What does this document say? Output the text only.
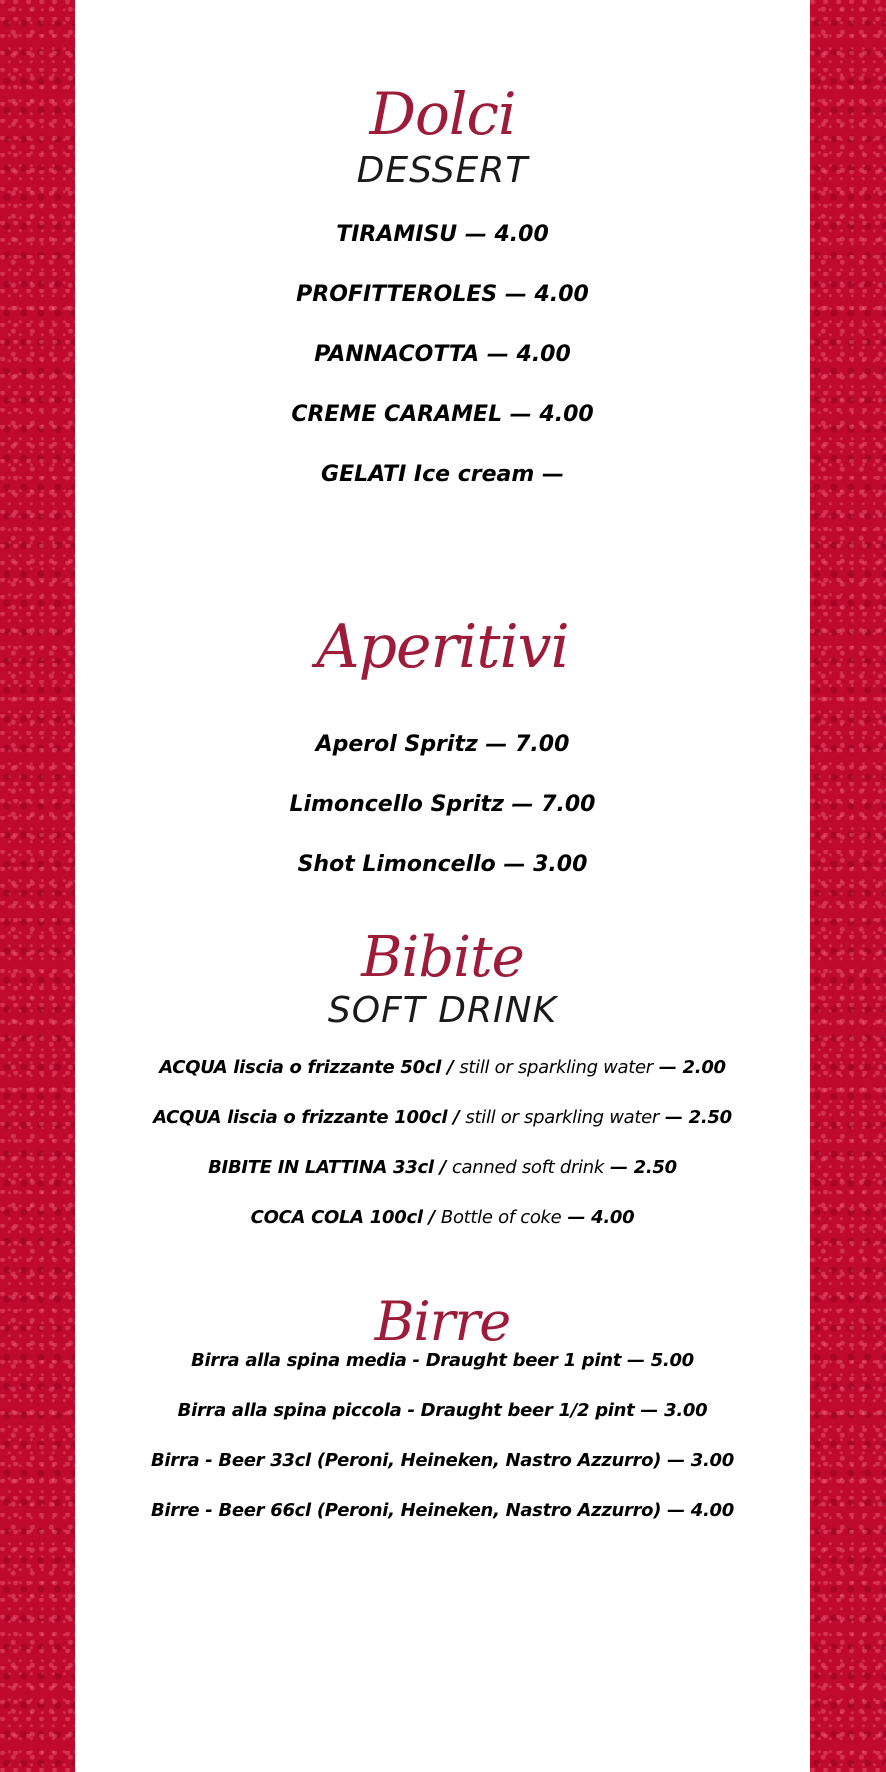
Dolci
DESSERT

TIRAMISU — 4.00

PROFITTEROLES — 4.00

PANNACOTTA — 4.00

CREME CARAMEL — 4.00

GELATI Ice cream —

Aperitivi

Aperol Spritz — 7.00

Limoncello Spritz — 7.00

Shot Limoncello — 3.00

Bibite
SOFT DRINK

ACQUA liscia o frizzante 50cl / still or sparkling water — 2.00

ACQUA liscia o frizzante 100cl / still or sparkling water — 2.50

BIBITE IN LATTINA 33cl / canned soft drink — 2.50

COCA COLA 100cl / Bottle of coke — 4.00

Birre

Birra alla spina media - Draught beer 1 pint — 5.00

Birra alla spina piccola - Draught beer 1/2 pint — 3.00

Birra - Beer 33cl (Peroni, Heineken, Nastro Azzurro) — 3.00

Birre - Beer 66cl (Peroni, Heineken, Nastro Azzurro) — 4.00
